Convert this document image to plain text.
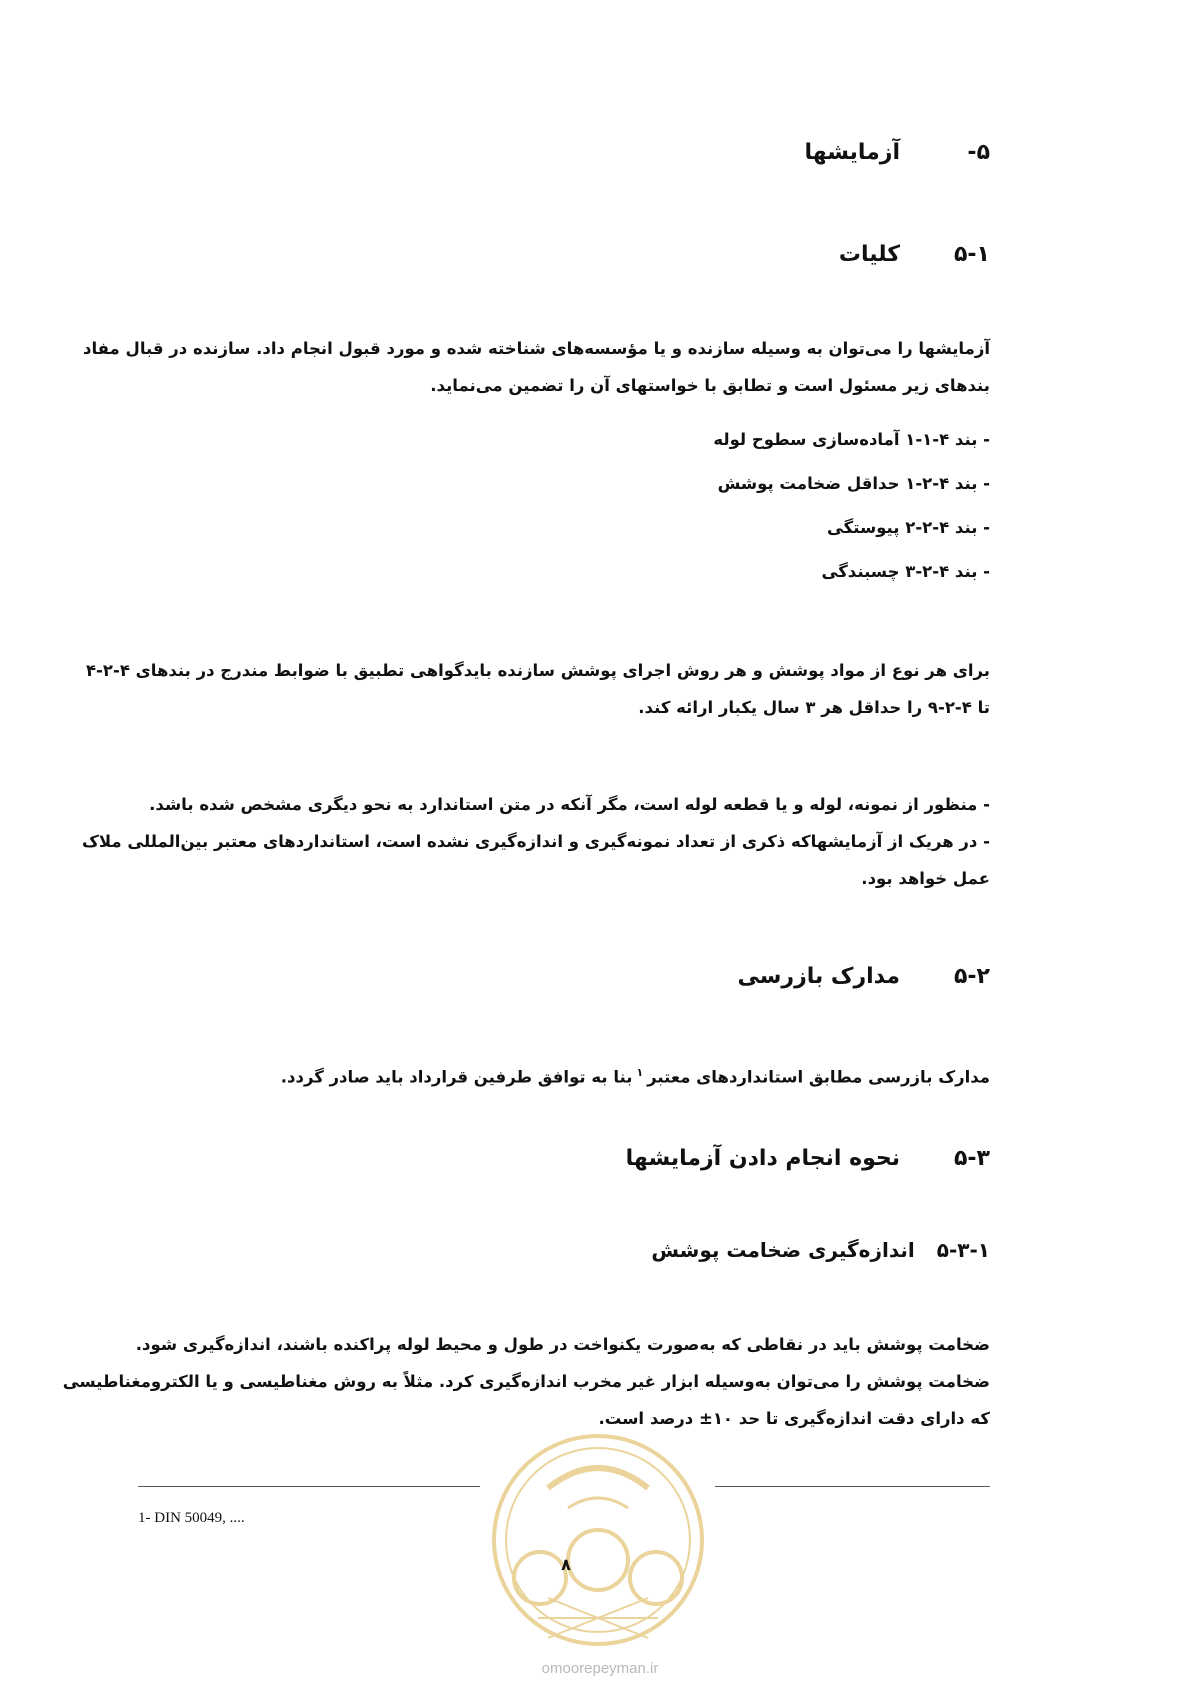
۵-
آزمایشها
۵-۱
کلیات
آزمایشها را می‌توان به وسیله سازنده و یا مؤسسه‌های شناخته شده و مورد قبول انجام داد. سازنده در قبال مفاد
بندهای زیر مسئول است و تطابق با خواستهای آن را تضمین می‌نماید.
- بند ۴-۱-۱ آماده‌سازی سطوح لوله
- بند ۴-۲-۱ حداقل ضخامت پوشش
- بند ۴-۲-۲ پیوستگی
- بند ۴-۲-۳ چسبندگی
برای هر نوع از مواد پوشش و هر روش اجرای پوشش سازنده بایدگواهی تطبیق با ضوابط مندرج در بندهای ۴-۲-۴
تا ۴-۲-۹ را حداقل هر ۳ سال یکبار ارائه کند.
- منظور از نمونه، لوله و یا قطعه لوله است، مگر آنکه در متن استاندارد به نحو دیگری مشخص شده باشد.
- در هریک از آزمایشهاکه ذکری از تعداد نمونه‌گیری و اندازه‌گیری نشده است، استانداردهای معتبر بین‌المللی ملاک
عمل خواهد بود.
۵-۲
مدارک بازرسی
مدارک بازرسی مطابق استانداردهای معتبر$^۱$بنا به توافق طرفین قرارداد باید صادر گردد.
۵-۳
نحوه انجام دادن آزمایشها
۵-۳-۱
اندازه‌گیری ضخامت پوشش
ضخامت پوشش باید در نقاطی که به‌صورت یکنواخت در طول و محیط لوله پراکنده باشند، اندازه‌گیری شود.
ضخامت پوشش را می‌توان به‌وسیله ابزار غیر مخرب اندازه‌گیری کرد. مثلاً به روش مغناطیسی و یا الکترومغناطیسی
که دارای دقت اندازه‌گیری تا حد ۱۰± درصد است.
1- DIN 50049, ....
۸
omoorepeyman.ir
